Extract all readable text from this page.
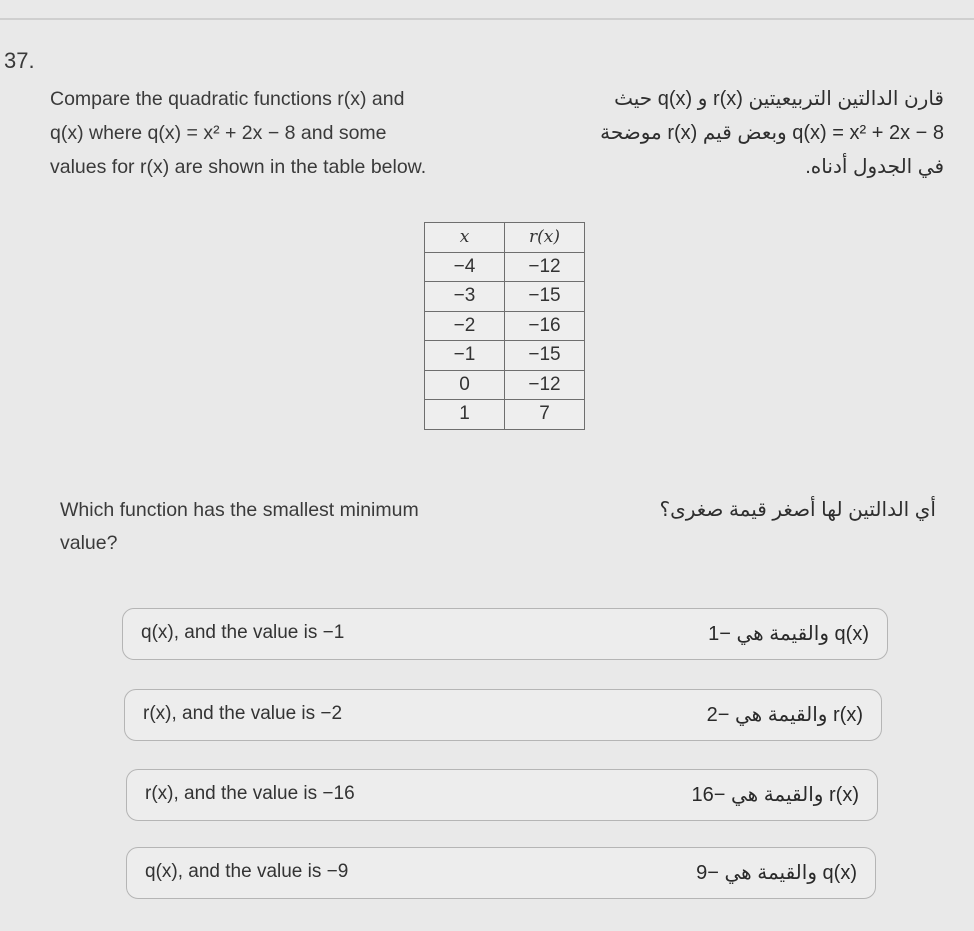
37.
Compare the quadratic functions r(x) and
q(x) where q(x) = x² + 2x − 8 and some
values for r(x) are shown in the table below.
قارن الدالتين التربيعيتين r(x) و q(x) حيث
q(x) = x² + 2x − 8 وبعض قيم r(x) موضحة
في الجدول أدناه.
x	r(x)
−4	−12
−3	−15
−2	−16
−1	−15
0	−12
1	7
Which function has the smallest minimum
value?
أي الدالتين لها أصغر قيمة صغرى؟
q(x), and the value is −1	q(x) والقيمة هي −1
r(x), and the value is −2	r(x) والقيمة هي −2
r(x), and the value is −16	r(x) والقيمة هي −16
q(x), and the value is −9	q(x) والقيمة هي −9
